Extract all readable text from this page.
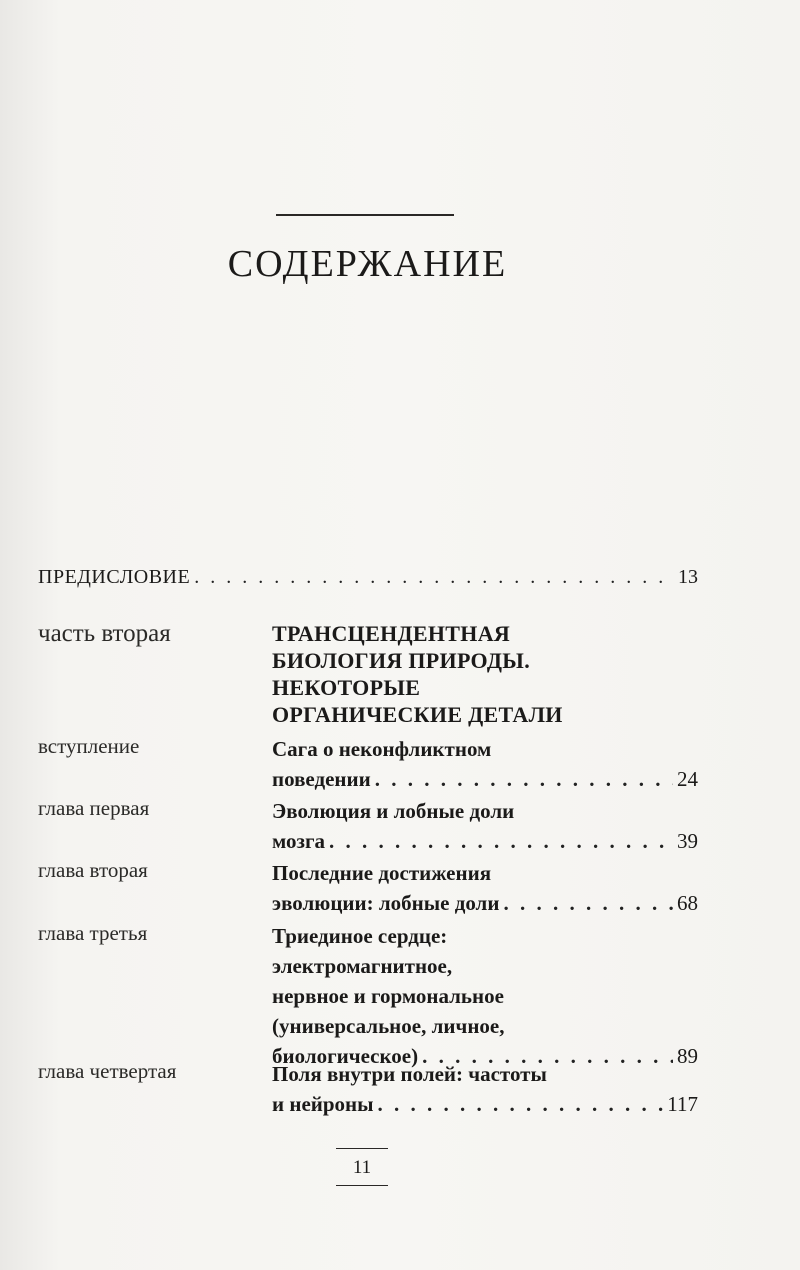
СОДЕРЖАНИЕ
ПРЕДИСЛОВИЕ . . .	13
часть вторая	ТРАНСЦЕНДЕНТНАЯ
БИОЛОГИЯ ПРИРОДЫ.
НЕКОТОРЫЕ
ОРГАНИЧЕСКИЕ ДЕТАЛИ
вступление	Сага о неконфликтном
поведении . . .	24
глава первая	Эволюция и лобные доли
мозга . . .	39
глава вторая	Последние достижения
эволюции: лобные доли . . .	68
глава третья	Триединое сердце:
электромагнитное,
нервное и гормональное
(универсальное, личное,
биологическое) . . .	89
глава четвертая	Поля внутри полей: частоты
и нейроны . . .	117
11
